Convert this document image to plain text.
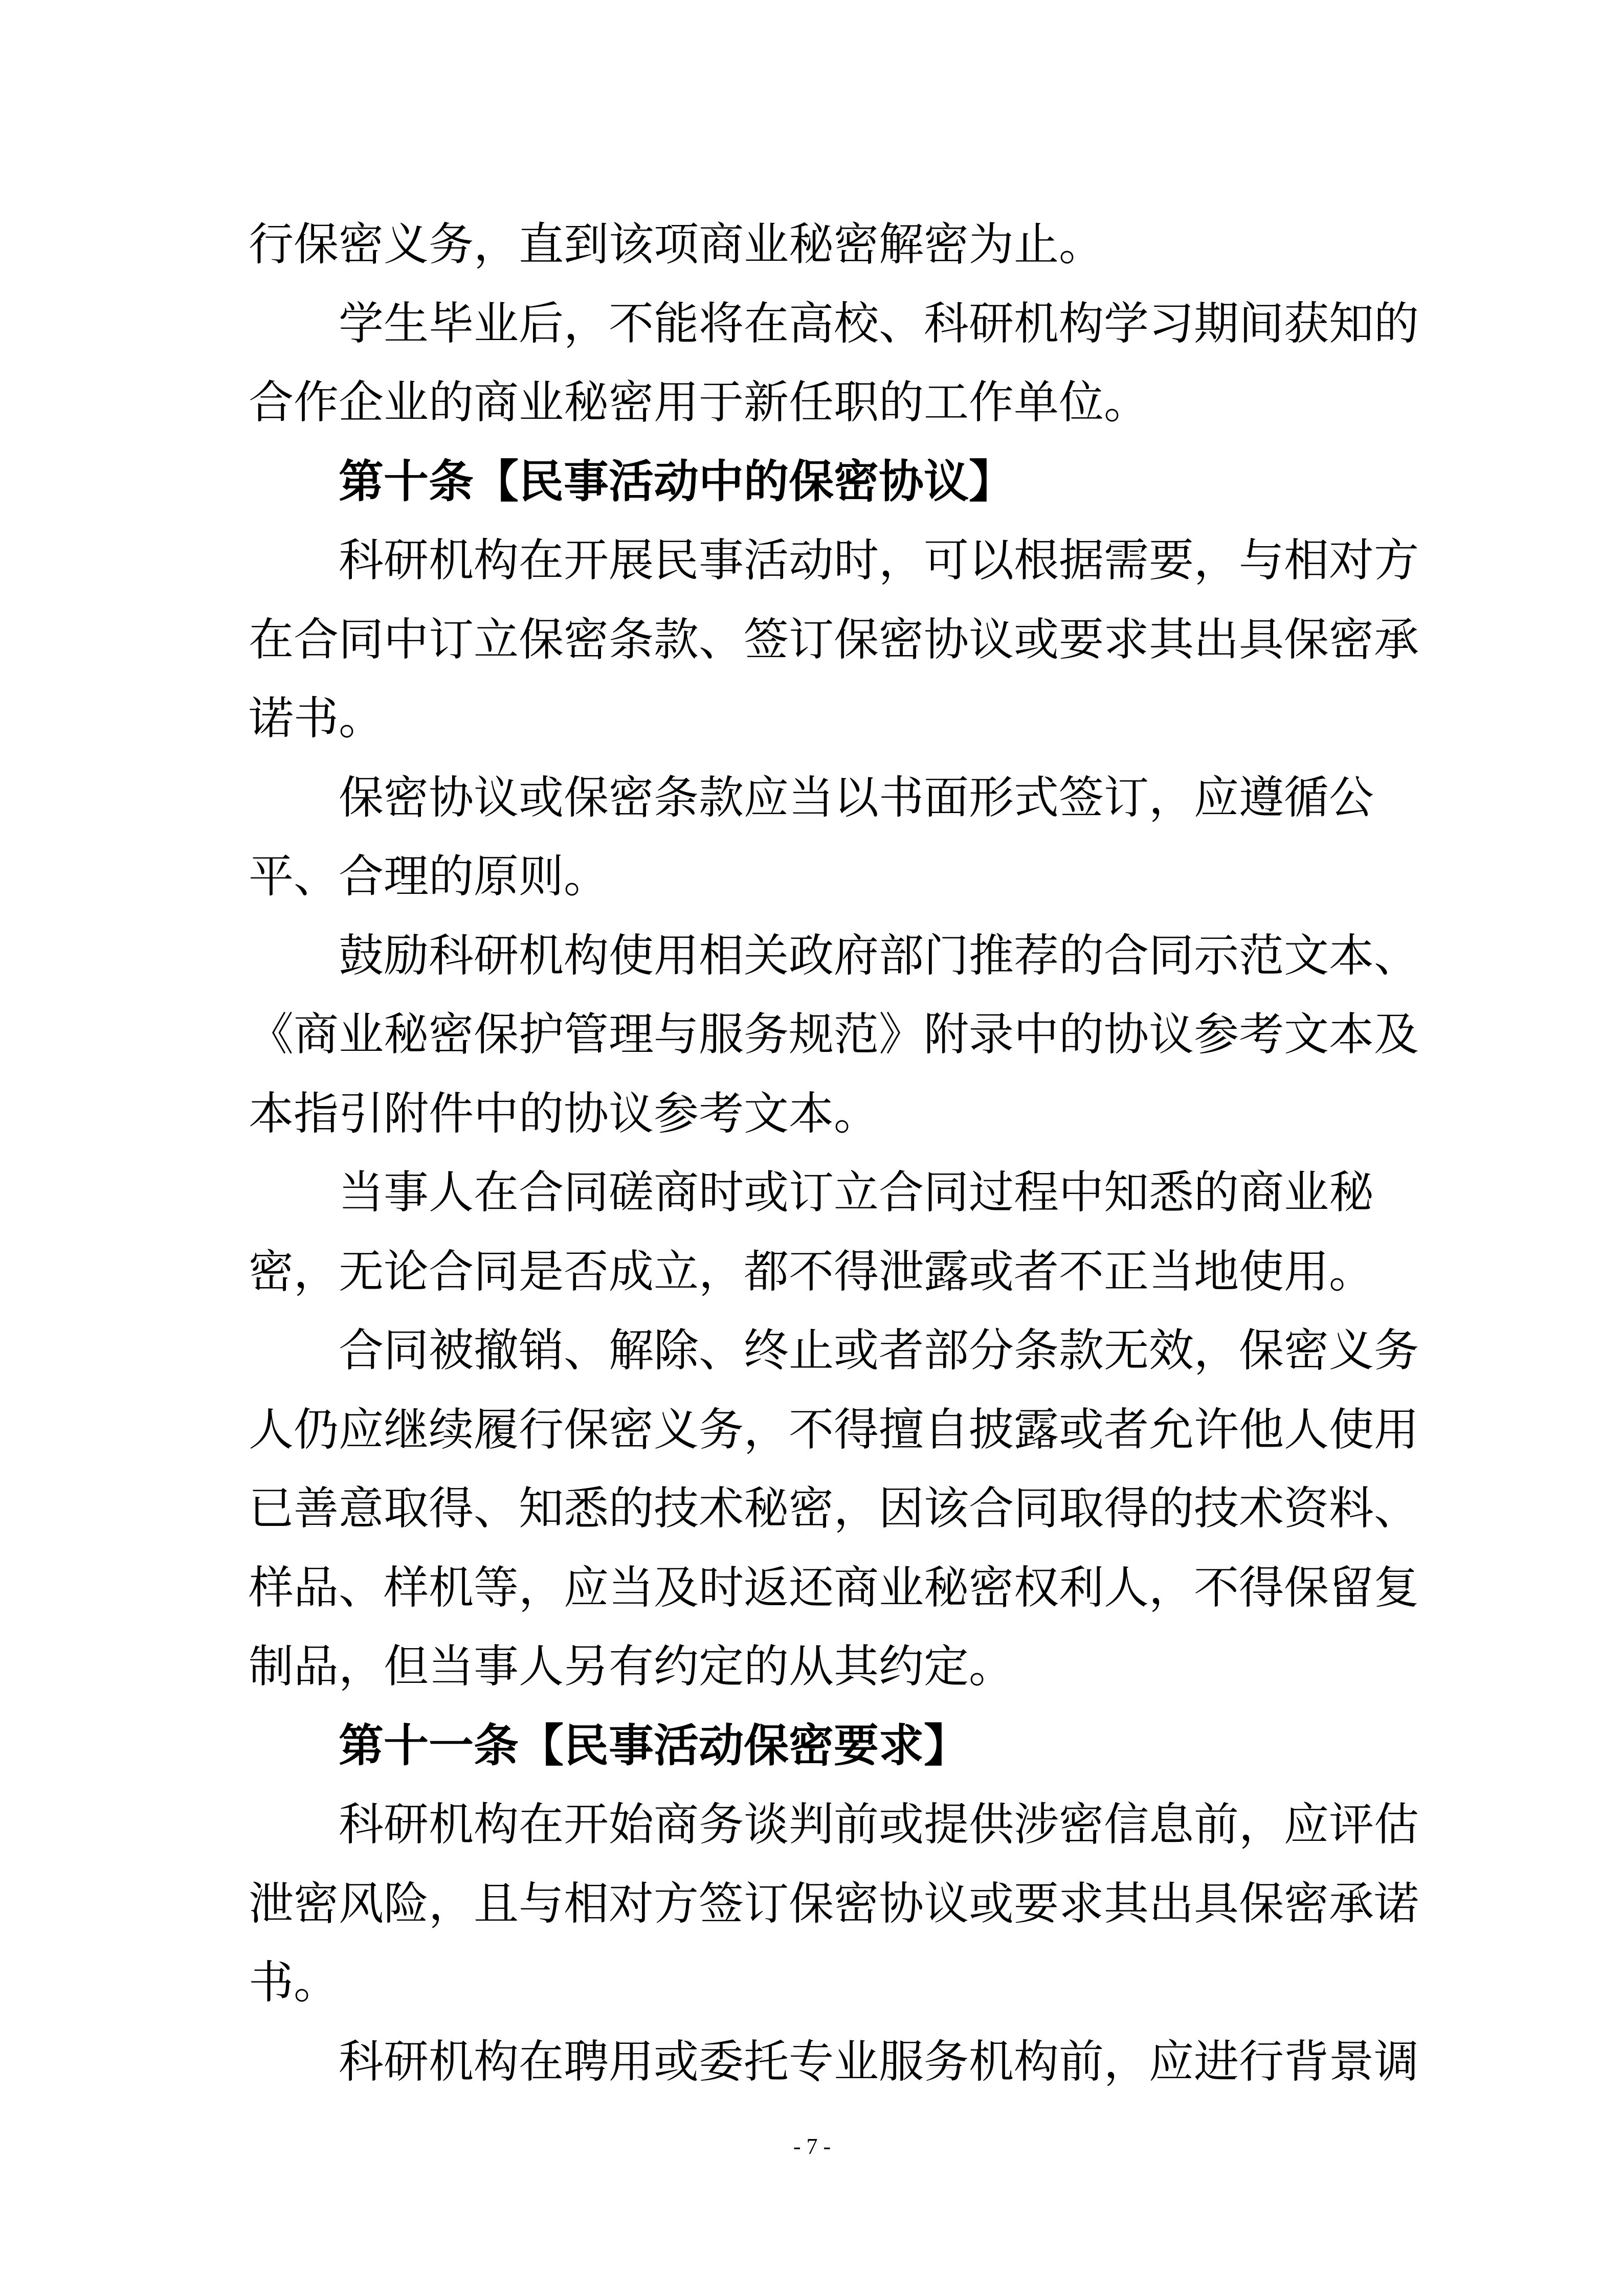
行保密义务，直到该项商业秘密解密为止。
学生毕业后，不能将在高校、科研机构学习期间获知的
合作企业的商业秘密用于新任职的工作单位。
第十条【民事活动中的保密协议】
科研机构在开展民事活动时，可以根据需要，与相对方
在合同中订立保密条款、签订保密协议或要求其出具保密承
诺书。
保密协议或保密条款应当以书面形式签订，应遵循公
平、合理的原则。
鼓励科研机构使用相关政府部门推荐的合同示范文本、
《商业秘密保护管理与服务规范》附录中的协议参考文本及
本指引附件中的协议参考文本。
当事人在合同磋商时或订立合同过程中知悉的商业秘
密，无论合同是否成立，都不得泄露或者不正当地使用。
合同被撤销、解除、终止或者部分条款无效，保密义务
人仍应继续履行保密义务，不得擅自披露或者允许他人使用
已善意取得、知悉的技术秘密，因该合同取得的技术资料、
样品、样机等，应当及时返还商业秘密权利人，不得保留复
制品，但当事人另有约定的从其约定。
第十一条【民事活动保密要求】
科研机构在开始商务谈判前或提供涉密信息前，应评估
泄密风险，且与相对方签订保密协议或要求其出具保密承诺
书。
科研机构在聘用或委托专业服务机构前，应进行背景调
- 7 -
